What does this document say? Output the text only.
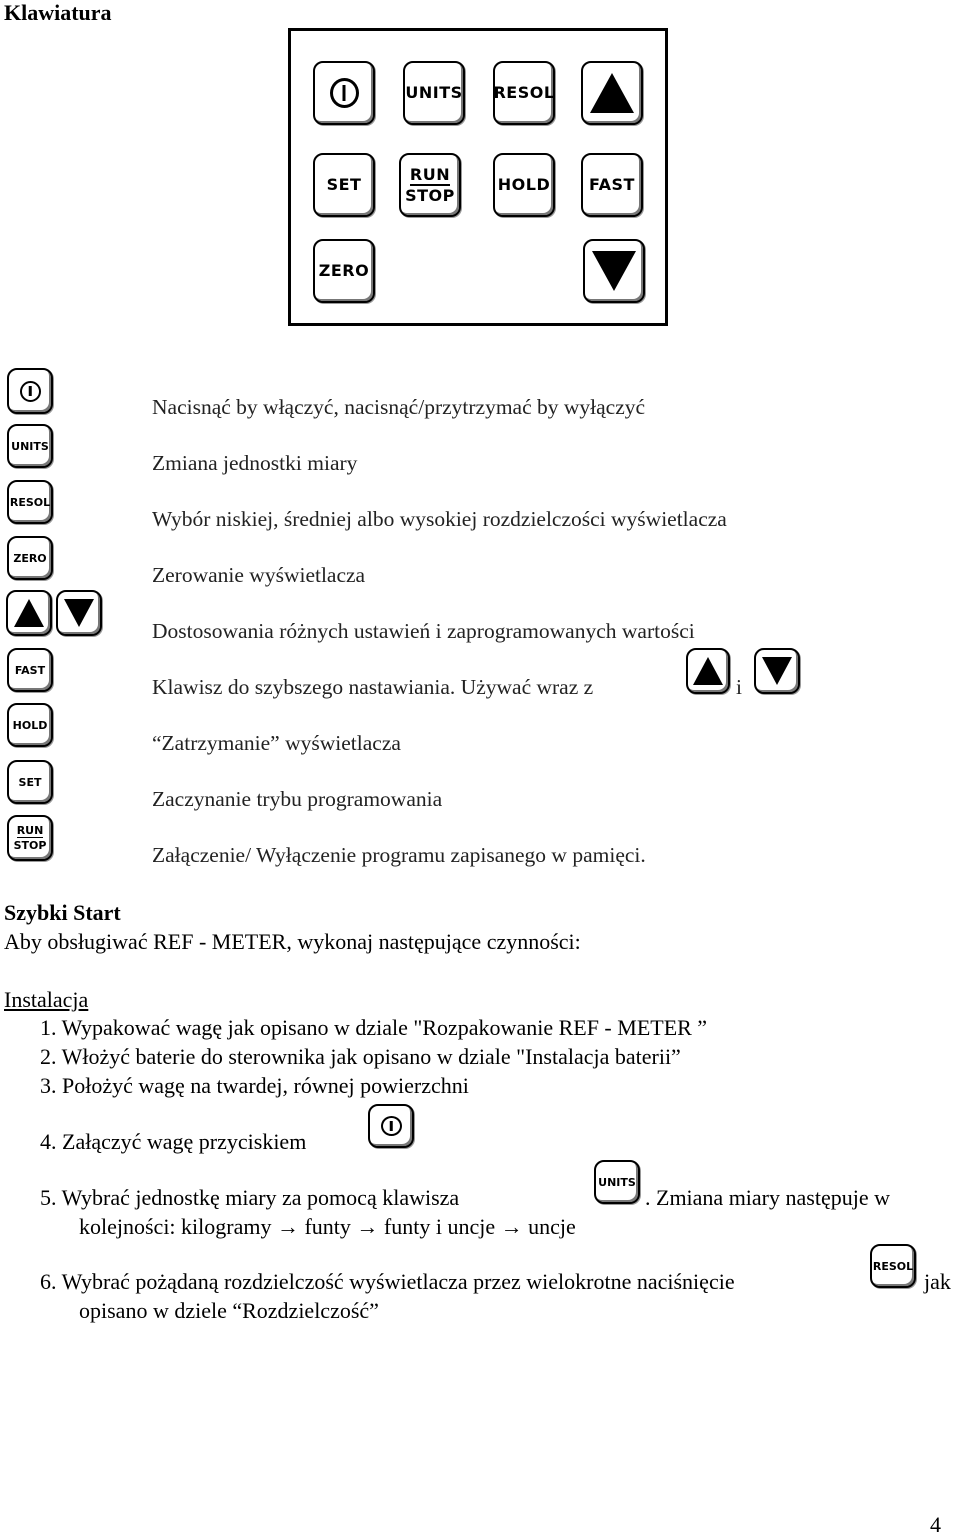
Klawiatura
UNITS RESOL
SET
RUN
STOP
HOLD FAST
ZERO
UNITS
RESOL
ZERO
FAST
HOLD
SET
RUN
STOP
Nacisnąć by włączyć, nacisnąć/przytrzymać by wyłączyć
Zmiana jednostki miary
Wybór niskiej, średniej albo wysokiej rozdzielczości wyświetlacza
Zerowanie wyświetlacza
Dostosowania różnych ustawień i zaprogramowanych wartości
Klawisz do szybszego nastawiania. Używać wraz z	i
“Zatrzymanie” wyświetlacza
Zaczynanie trybu programowania
Załączenie/ Wyłączenie programu zapisanego w pamięci.
Szybki Start
Aby obsługiwać REF - METER, wykonaj następujące czynności:
Instalacja
1. Wypakować wagę jak opisano w dziale "Rozpakowanie REF - METER ”
2. Włożyć baterie do sterownika jak opisano w dziale "Instalacja baterii”
3. Położyć wagę na twardej, równej powierzchni
4. Załączyć wagę przyciskiem
5. Wybrać jednostkę miary za pomocą klawisza
UNITS
. Zmiana miary następuje w
kolejności: kilogramy → funty → funty i uncje → uncje
6. Wybrać pożądaną rozdzielczość wyświetlacza przez wielokrotne naciśnięcie
RESOL
jak
opisano w dziele “Rozdzielczość”
4
